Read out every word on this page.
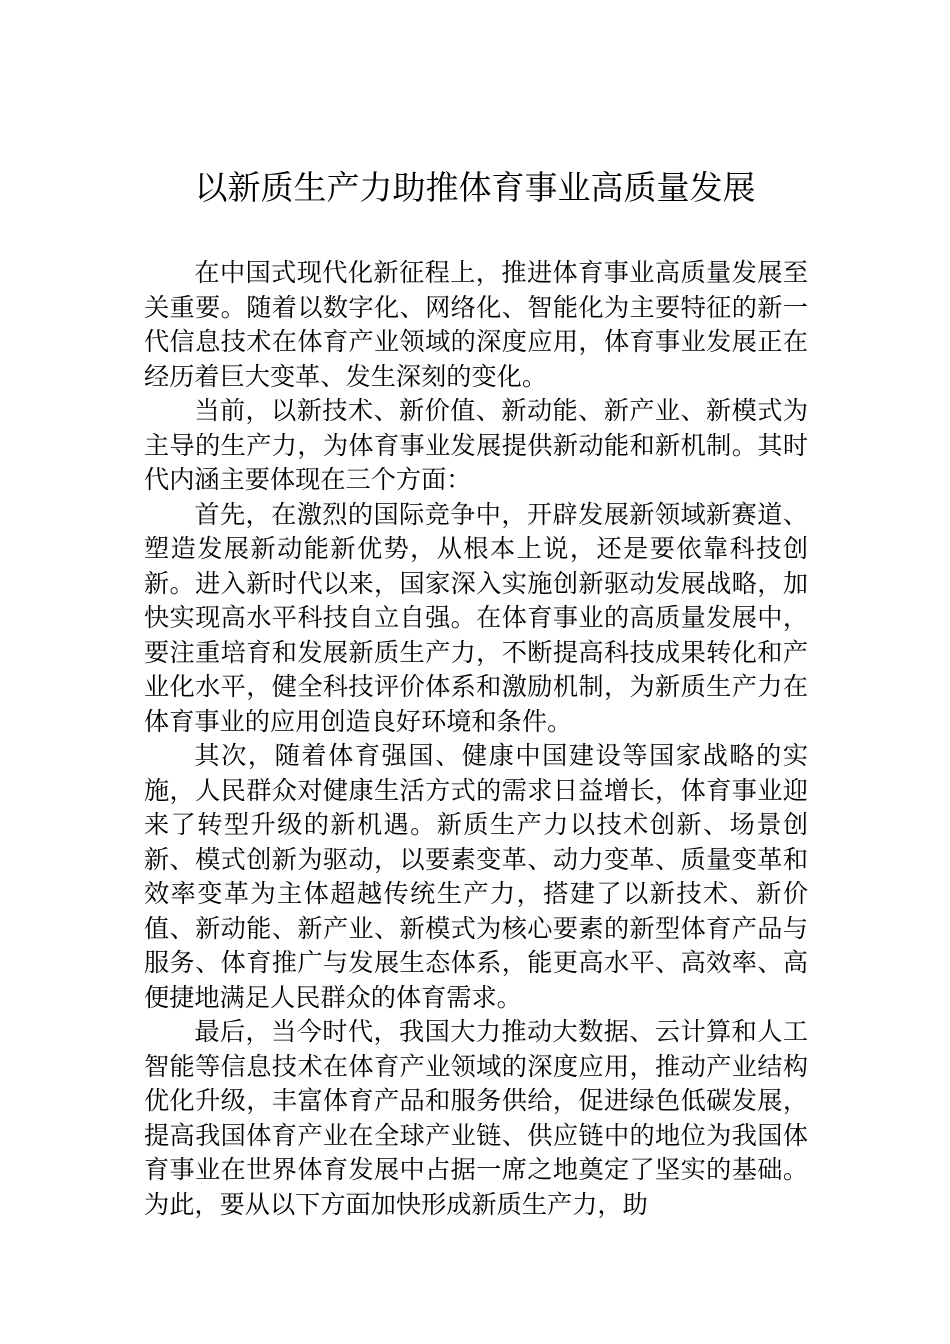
以新质生产力助推体育事业高质量发展

在中国式现代化新征程上，推进体育事业高质量发展至关重要。随着以数字化、网络化、智能化为主要特征的新一代信息技术在体育产业领域的深度应用，体育事业发展正在经历着巨大变革、发生深刻的变化。

当前，以新技术、新价值、新动能、新产业、新模式为主导的生产力，为体育事业发展提供新动能和新机制。其时代内涵主要体现在三个方面：

首先，在激烈的国际竞争中，开辟发展新领域新赛道、塑造发展新动能新优势，从根本上说，还是要依靠科技创新。进入新时代以来，国家深入实施创新驱动发展战略，加快实现高水平科技自立自强。在体育事业的高质量发展中，要注重培育和发展新质生产力，不断提高科技成果转化和产业化水平，健全科技评价体系和激励机制，为新质生产力在体育事业的应用创造良好环境和条件。

其次，随着体育强国、健康中国建设等国家战略的实施，人民群众对健康生活方式的需求日益增长，体育事业迎来了转型升级的新机遇。新质生产力以技术创新、场景创新、模式创新为驱动，以要素变革、动力变革、质量变革和效率变革为主体超越传统生产力，搭建了以新技术、新价值、新动能、新产业、新模式为核心要素的新型体育产品与服务、体育推广与发展生态体系，能更高水平、高效率、高便捷地满足人民群众的体育需求。

最后，当今时代，我国大力推动大数据、云计算和人工智能等信息技术在体育产业领域的深度应用，推动产业结构优化升级，丰富体育产品和服务供给，促进绿色低碳发展，提高我国体育产业在全球产业链、供应链中的地位为我国体育事业在世界体育发展中占据一席之地奠定了坚实的基础。为此，要从以下方面加快形成新质生产力，助
